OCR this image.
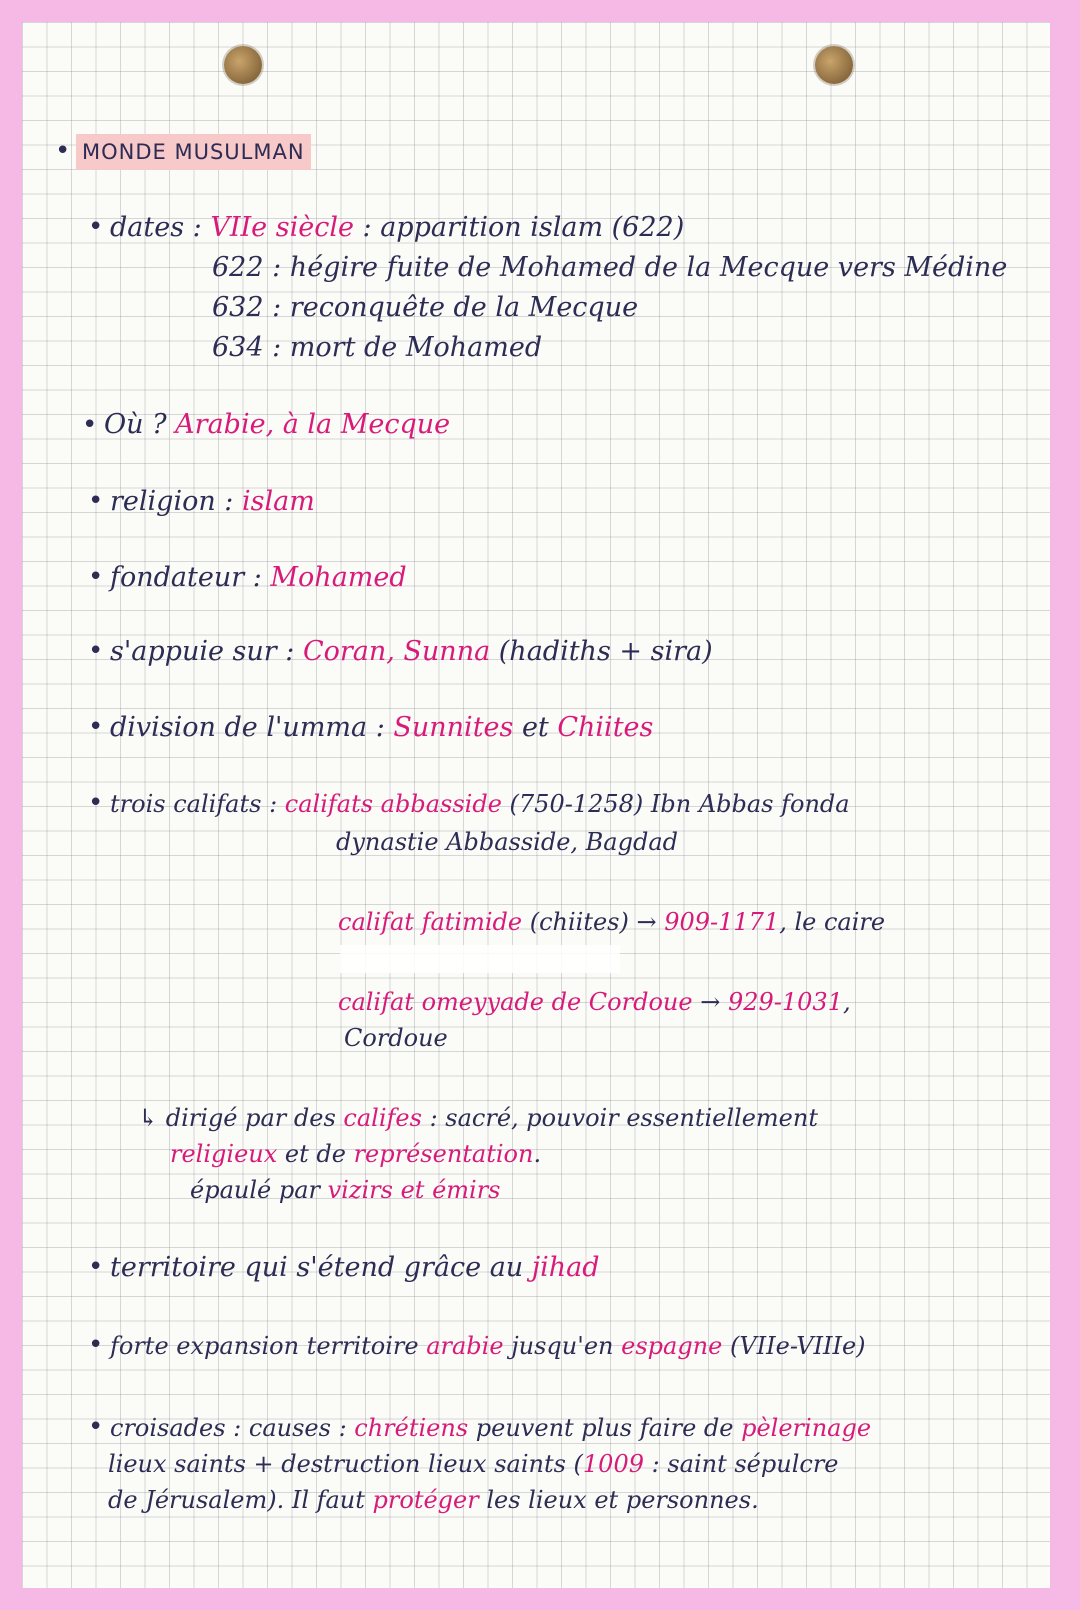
• MONDE MUSULMAN
• dates : VIIe siècle : apparition islam (622)

622 : hégire fuite de Mohamed de la Mecque vers Médine

632 : reconquête de la Mecque

634 : mort de Mohamed

• Où ? Arabie, à la Mecque

• religion : islam

• fondateur : Mohamed

• s'appuie sur : Coran, Sunna (hadiths + sira)

• division de l'umma : Sunnites et Chiites

• trois califats : califats abbasside (750-1258) Ibn Abbas fonda

dynastie Abbasside, Bagdad

califat fatimide (chiites) → 909-1171, le caire

califat omeyyade de Cordoue → 929-1031,

Cordoue

↳ dirigé par des califes : sacré, pouvoir essentiellement

religieux et de représentation.

épaulé par vizirs et émirs

• territoire qui s'étend grâce au jihad

• forte expansion territoire arabie jusqu'en espagne (VIIe-VIIIe)

• croisades : causes : chrétiens peuvent plus faire de pèlerinage

lieux saints + destruction lieux saints (1009 : saint sépulcre

de Jérusalem). Il faut protéger les lieux et personnes.
